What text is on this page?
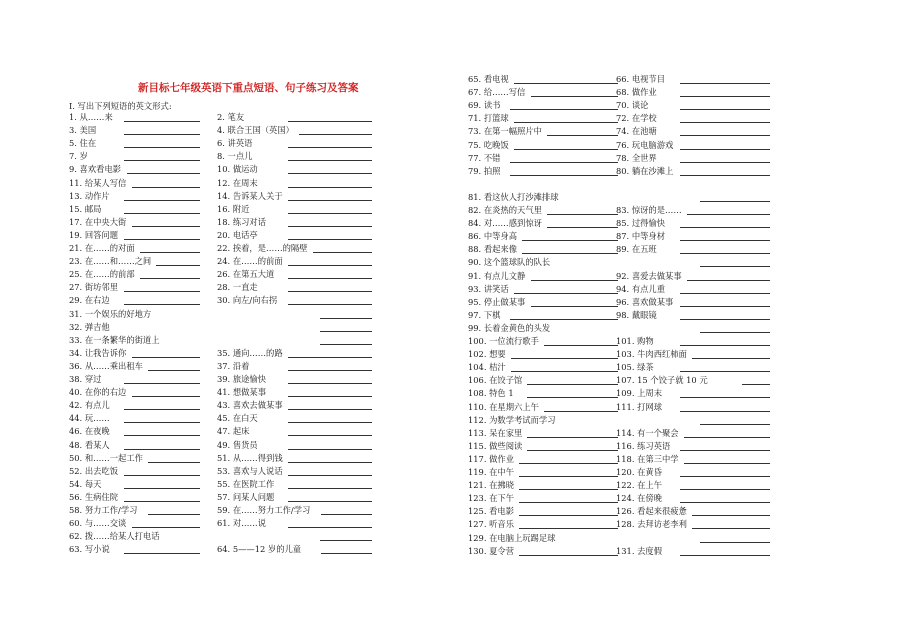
新目标七年级英语下重点短语、句子练习及答案
Ⅰ. 写出下列短语的英文形式:
1. 从……来	2. 笔友
3. 美国	4. 联合王国（英国）
5. 住在	6. 讲英语
7. 岁	8. 一点儿
9. 喜欢看电影	10. 做运动
11. 给某人写信	12. 在周末
13. 动作片	14. 告诉某人关于
15. 邮局	16. 附近
17. 在中央大街	18. 练习对话
19. 回答问题	20. 电话亭
21. 在……的对面	22. 挨着，是……的隔壁
23. 在……和……之间	24. 在……的前面
25. 在……的前部	26. 在第五大道
27. 街坊邻里	28. 一直走
29. 在右边	30. 向左/向右拐
31. 一个娱乐的好地方
32. 弹吉他
33. 在一条繁华的街道上
34. 让我告诉你	35. 通向……的路
36. 从……乘出租车	37. 沿着
38. 穿过	39. 旅途愉快
40. 在你的右边	41. 想做某事
42. 有点儿	43. 喜欢去做某事
44. 玩……	45. 在白天
46. 在夜晚	47. 起床
48. 看某人	49. 售货员
50. 和……一起工作	51. 从……得到钱
52. 出去吃饭	53. 喜欢与人说话
54. 每天	55. 在医院工作
56. 生病住院	57. 问某人问题
58. 努力工作/学习	59. 在……努力工作/学习
60. 与……交谈	61. 对……说
62. 拨……给某人打电话
63. 写小说	64. 5——12 岁的儿童
65. 看电视	66. 电视节目
67. 给……写信	68. 做作业
69. 读书	70. 谈论
71. 打篮球	72. 在学校
73. 在第一幅照片中	74. 在池塘
75. 吃晚饭	76. 玩电脑游戏
77. 不错	78. 全世界
79. 拍照	80. 躺在沙滩上
81. 看这伙人打沙滩排球
82. 在炎热的天气里	83. 惊讶的是……
84. 对……感到惊讶	85. 过得愉快
86. 中等身高	87. 中等身材
88. 看起来像	89. 在五班
90. 这个篮球队的队长
91. 有点儿文静	92. 喜爱去做某事
93. 讲笑话	94. 有点儿重
95. 停止做某事	96. 喜欢做某事
97. 下棋	98. 戴眼镜
99. 长着金黄色的头发
100. 一位流行歌手	101. 购物
102. 想要	103. 牛肉西红柿面
104. 桔汁	105. 绿茶
106. 在饺子馆	107. 15 个饺子就 10 元
108. 特色 1	109. 上周末
110. 在星期六上午	111. 打网球
112. 为数学考试而学习
113. 呆在家里	114. 有一个聚会
115. 做些阅读	116. 练习英语
117. 做作业	118. 在第三中学
119. 在中午	120. 在黄昏
121. 在拂晓	122. 在上午
123. 在下午	124. 在傍晚
125. 看电影	126. 看起来很疲惫
127. 听音乐	128. 去拜访老李利
129. 在电脑上玩踢足球
130. 夏令营	131. 去度假
